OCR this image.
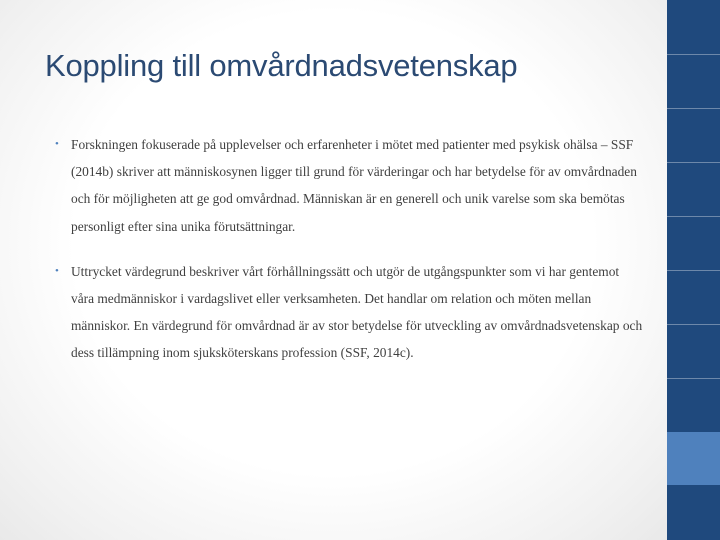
Koppling till omvårdnadsvetenskap
• Forskningen fokuserade på upplevelser och erfarenheter i mötet med patienter med psykisk ohälsa – SSF (2014b) skriver att människosynen ligger till grund för värderingar och har betydelse för av omvårdnaden och för möjligheten att ge god omvårdnad. Människan är en generell och unik varelse som ska bemötas personligt efter sina unika förutsättningar.
• Uttrycket värdegrund beskriver vårt förhållningssätt och utgör de utgångspunkter som vi har gentemot våra medmänniskor i vardagslivet eller verksamheten. Det handlar om relation och möten mellan människor. En värdegrund för omvårdnad är av stor betydelse för utveckling av omvårdnadsvetenskap och dess tillämpning inom sjuksköterskans profession (SSF, 2014c).
